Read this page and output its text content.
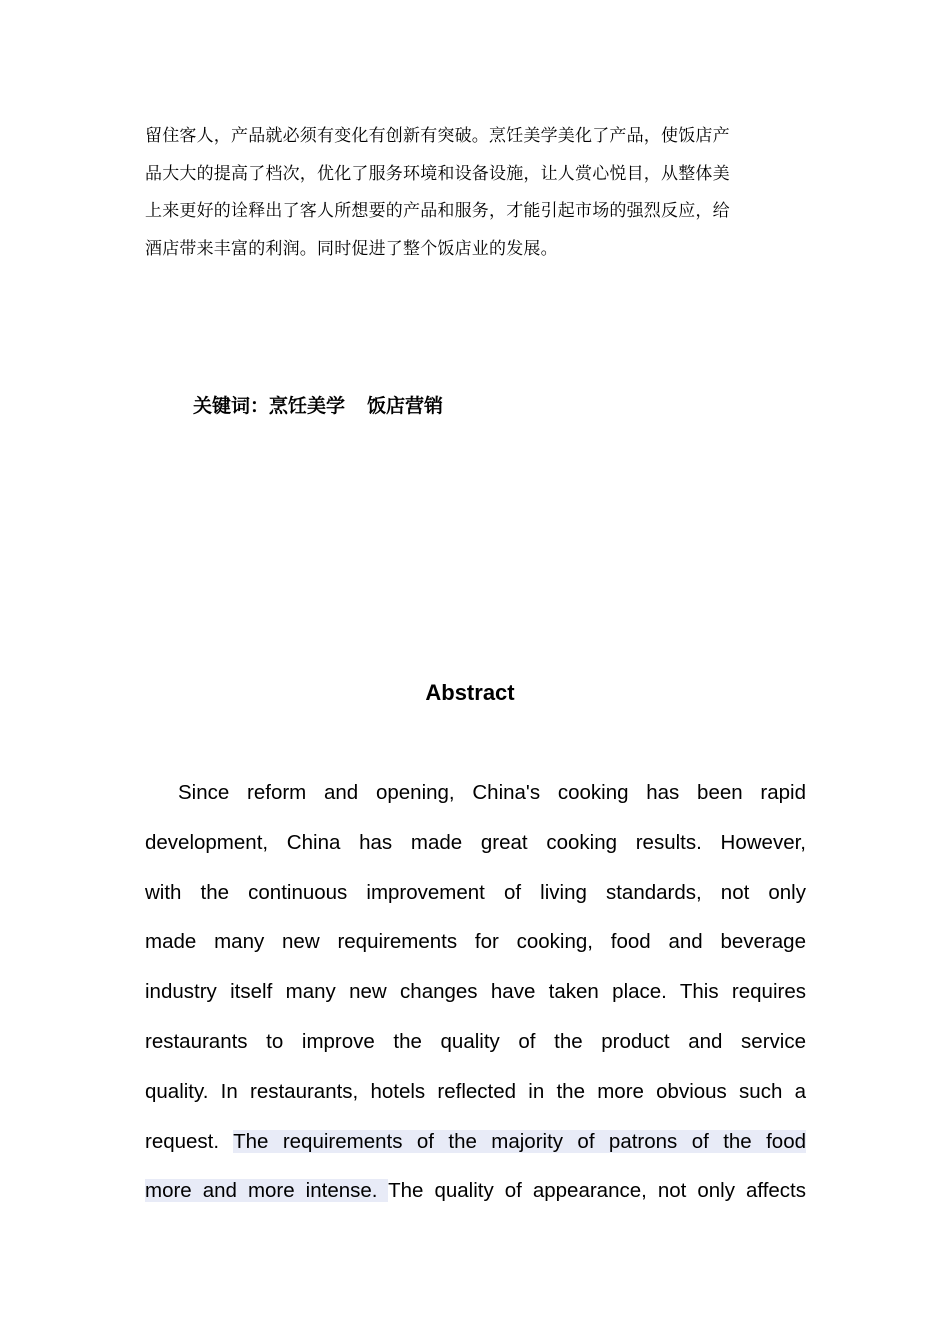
留住客人，产品就必须有变化有创新有突破。烹饪美学美化了产品，使饭店产
品大大的提高了档次，优化了服务环境和设备设施，让人赏心悦目，从整体美
上来更好的诠释出了客人所想要的产品和服务，才能引起市场的强烈反应，给
酒店带来丰富的利润。同时促进了整个饭店业的发展。
关键词：烹饪美学 饭店营销
Abstract
Since reform and opening, China's cooking has been rapid
development, China has made great cooking results. However,
with the continuous improvement of living standards, not only
made many new requirements for cooking, food and beverage
industry itself many new changes have taken place. This requires
restaurants to improve the quality of the product and service
quality. In restaurants, hotels reflected in the more obvious such a
request. The requirements of the majority of patrons of the food
more and more intense. The quality of appearance, not only affects
